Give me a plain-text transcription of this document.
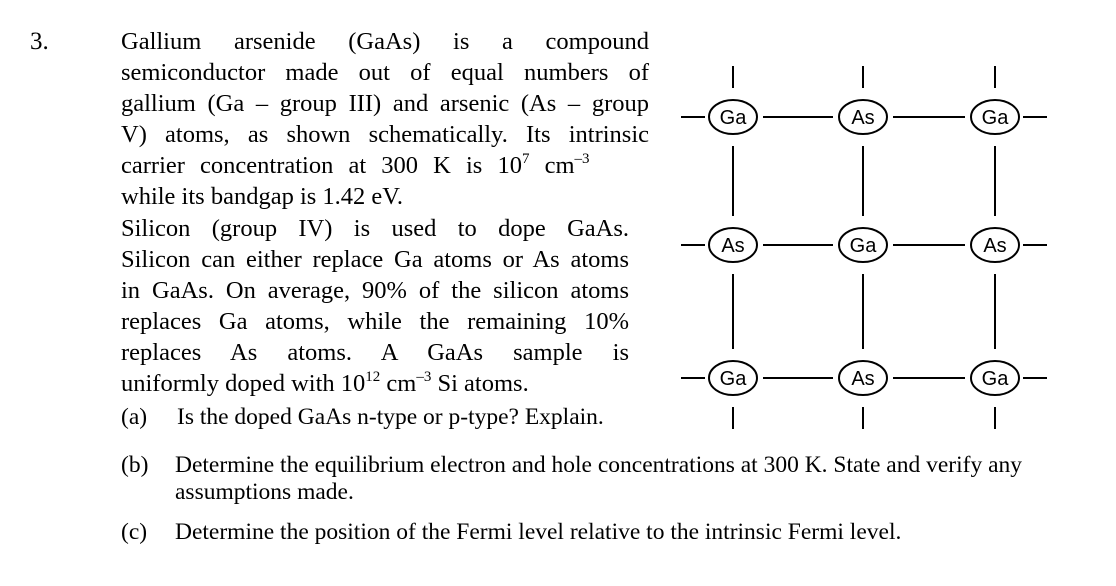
3.	Gallium arsenide (GaAs) is a compound
semiconductor made out of equal numbers of
gallium (Ga – group III) and arsenic (As – group
V) atoms, as shown schematically. Its intrinsic
carrier concentration at 300 K is $10^7$ $cm^{-3}$
while its bandgap is 1.42 eV.
Silicon (group IV) is used to dope GaAs.
Silicon can either replace Ga atoms or As atoms
in GaAs. On average, 90% of the silicon atoms
replaces Ga atoms, while the remaining 10%
replaces As atoms. A GaAs sample is
uniformly doped with $10^{12}$ $cm^{-3}$ Si atoms.
(a) Is the doped GaAs n-type or p-type? Explain.
(b) Determine the equilibrium electron and hole concentrations at 300 K. State and verify any
assumptions made.
(c) Determine the position of the Fermi level relative to the intrinsic Fermi level.
Ga	As	Ga
As	Ga	As
Ga	As	Ga
